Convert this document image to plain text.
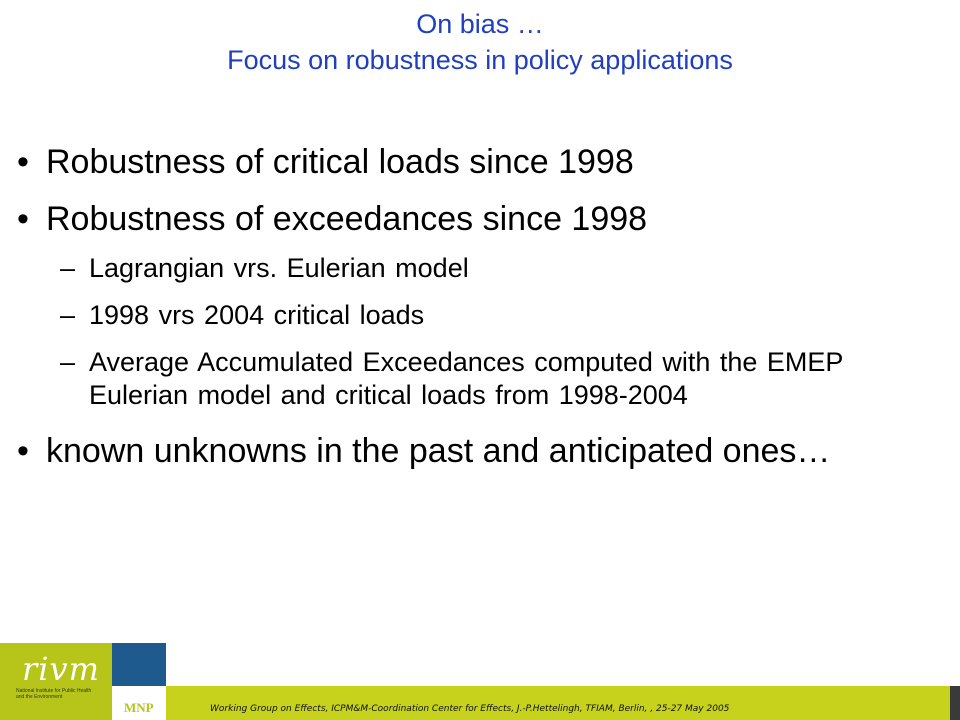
On bias …
Focus on robustness in policy applications
• Robustness of critical loads since 1998
• Robustness of exceedances since 1998
– Lagrangian vrs. Eulerian model
– 1998 vrs 2004 critical loads
– Average Accumulated Exceedances computed with the EMEP Eulerian model and critical loads from 1998-2004
• known unknowns in the past and anticipated ones…
rivm
National Institute for Public Health and the Environment
MNP	Working Group on Effects, ICPM&M-Coordination Center for Effects, J.-P.Hettelingh, TFIAM, Berlin, , 25-27 May 2005
